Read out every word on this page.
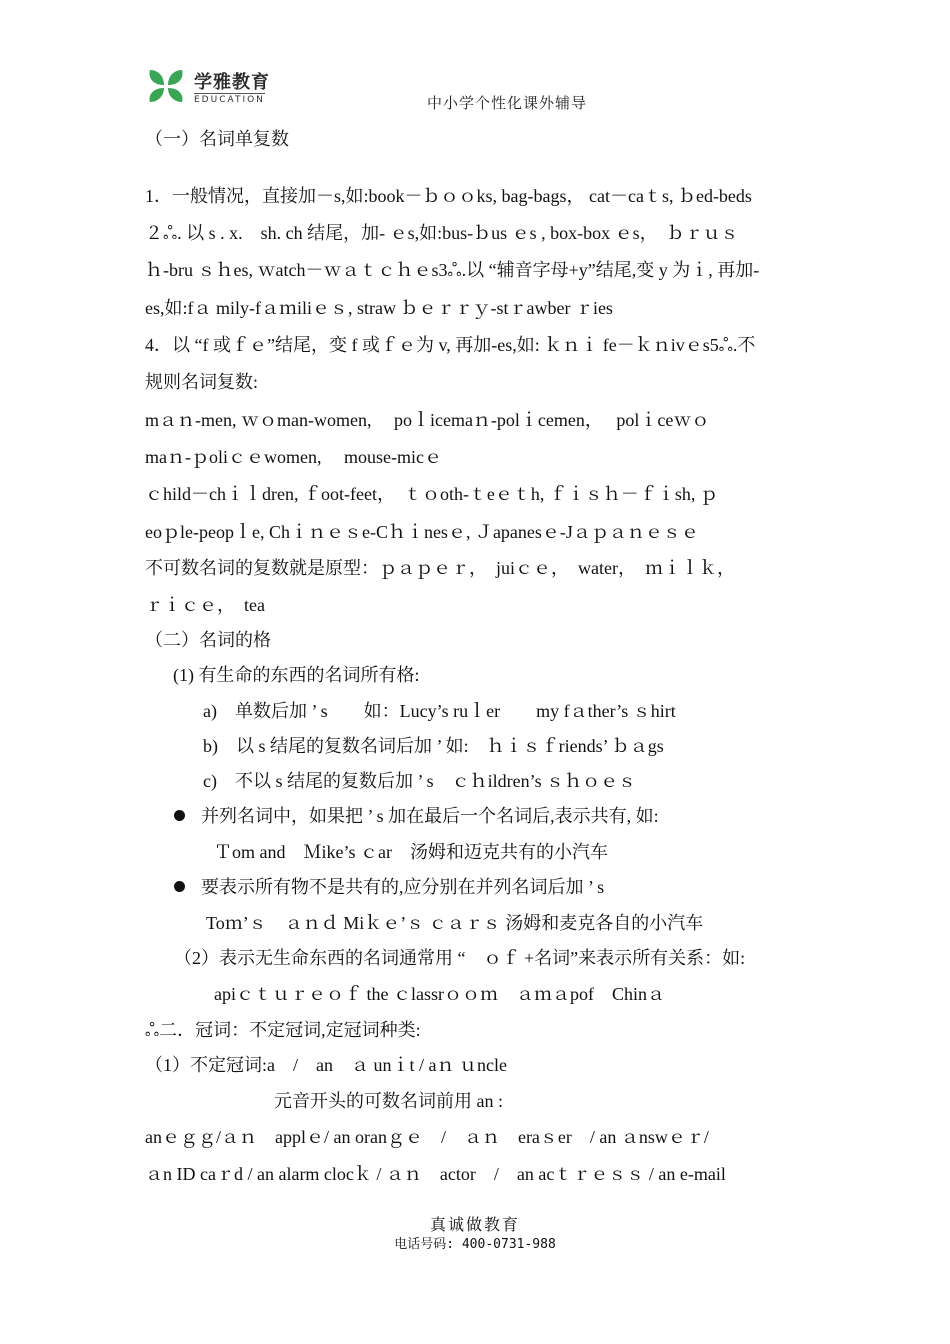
学雅教育
EDUCATION	中小学个性化课外辅导
（一）名词单复数
1．一般情况，直接加－s,如:book－ｂｏｏks, bag-bags， cat－caｔs, ｂed-beds
２ஃ. 以 s . x.　sh. ch 结尾，加- ｅs,如:bus-ｂus ｅs , box-box ｅs，　ｂｒｕｓ
ｈ-bru ｓｈes, ｗatch－ｗａｔｃｈｅs3ஃ.以 “辅音字母+y”结尾,变 y 为ｉ, 再加-
es,如:fａ mily-fａｍiliｅｓ, straw ｂｅｒｒｙ-stｒawber ｒies
4．以 “f 或ｆｅ”结尾，变 f 或ｆｅ为 v, 再加-es,如: ｋｎｉ fe－ｋｎivｅs5ஃ.不
规则名词复数:
mａｎ-men, ｗｏman-women,　 poｌicemaｎ-polｉcemen，　 polｉceｗｏ
maｎ-ｐoliｃｅwomen,　 mouse-micｅ
ｃhild－chｉｌdren, ｆoot-feet，　ｔｏoth-ｔeｅｔh, ｆｉｓｈ－ｆｉsh, ｐ
eoｐle-peopｌe, Chｉｎｅｓe-Cｈｉnesｅ, Ｊapanesｅ-Jａｐａｎｅｓｅ
不可数名词的复数就是原型：ｐａｐｅｒ，　juiｃｅ，　water，　ｍｉｌｋ，
ｒｉｃｅ，　tea
（二）名词的格
(1) 有生命的东西的名词所有格:
a)　单数后加 ’ s　　如：Lucy’s ruｌer　　my fａther’s ｓhirt
b)　以 s 结尾的复数名词后加 ’ 如:　ｈｉｓｆriends’ ｂａgs
c)　不以 s 结尾的复数后加 ’ s　ｃｈildren’s ｓｈｏｅｓ
并列名词中，如果把 ’ s 加在最后一个名词后,表示共有, 如:
Ｔom and　Ｍike’s ｃar　汤姆和迈克共有的小汽车
要表示所有物不是共有的,应分别在并列名词后加 ’ s
Toｍ’ｓ　ａｎｄ Miｋｅ’ｓ ｃａｒｓ 汤姆和麦克各自的小汽车
（2）表示无生命东西的名词通常用 “　ｏｆ +名词”来表示所有关系：如:
apiｃｔｕｒｅｏｆ the ｃlassrｏｏｍ　ａｍａpof　Chinａ
ஃ二．冠词：不定冠词,定冠词种类:
（1）不定冠词:a　/　an　ａ unｉt / aｎ ｕncle
元音开头的可数名词前用 an :
anｅｇｇ/ａｎ　applｅ/ an oranｇｅ　/　ａｎ　eraｓer　/ an ａnswｅｒ/
ａn ID caｒd / an alarm clocｋ / ａｎ　actor　/　an acｔｒｅｓｓ / an e-mail
真诚做教育
电话号码: 400-0731-988
